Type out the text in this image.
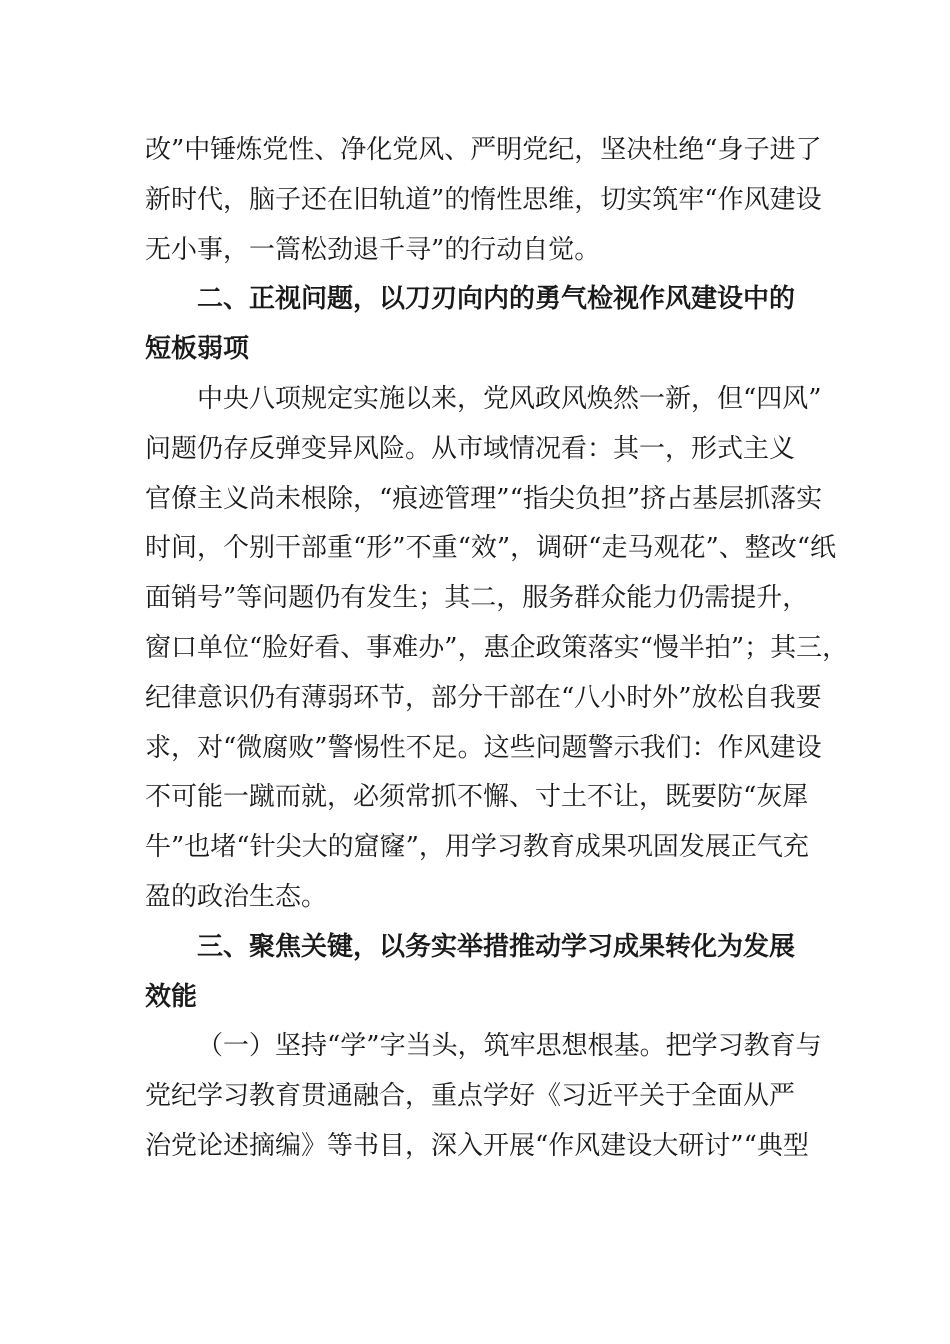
改”中锤炼党性、净化党风、严明党纪，坚决杜绝“身子进了
新时代，脑子还在旧轨道”的惰性思维，切实筑牢“作风建设
无小事，一篙松劲退千寻”的行动自觉。
二、正视问题，以刀刃向内的勇气检视作风建设中的
短板弱项
中央八项规定实施以来，党风政风焕然一新，但“四风”
问题仍存反弹变异风险。从市域情况看：其一，形式主义
官僚主义尚未根除，“痕迹管理”“指尖负担”挤占基层抓落实
时间，个别干部重“形”不重“效”，调研“走马观花”、整改“纸
面销号”等问题仍有发生；其二，服务群众能力仍需提升，
窗口单位“脸好看、事难办”，惠企政策落实“慢半拍”；其三，
纪律意识仍有薄弱环节，部分干部在“八小时外”放松自我要
求，对“微腐败”警惕性不足。这些问题警示我们：作风建设
不可能一蹴而就，必须常抓不懈、寸土不让，既要防“灰犀
牛”也堵“针尖大的窟窿”，用学习教育成果巩固发展正气充
盈的政治生态。
三、聚焦关键，以务实举措推动学习成果转化为发展
效能
（一）坚持“学”字当头，筑牢思想根基。把学习教育与
党纪学习教育贯通融合，重点学好《习近平关于全面从严
治党论述摘编》等书目，深入开展“作风建设大研讨”“典型
